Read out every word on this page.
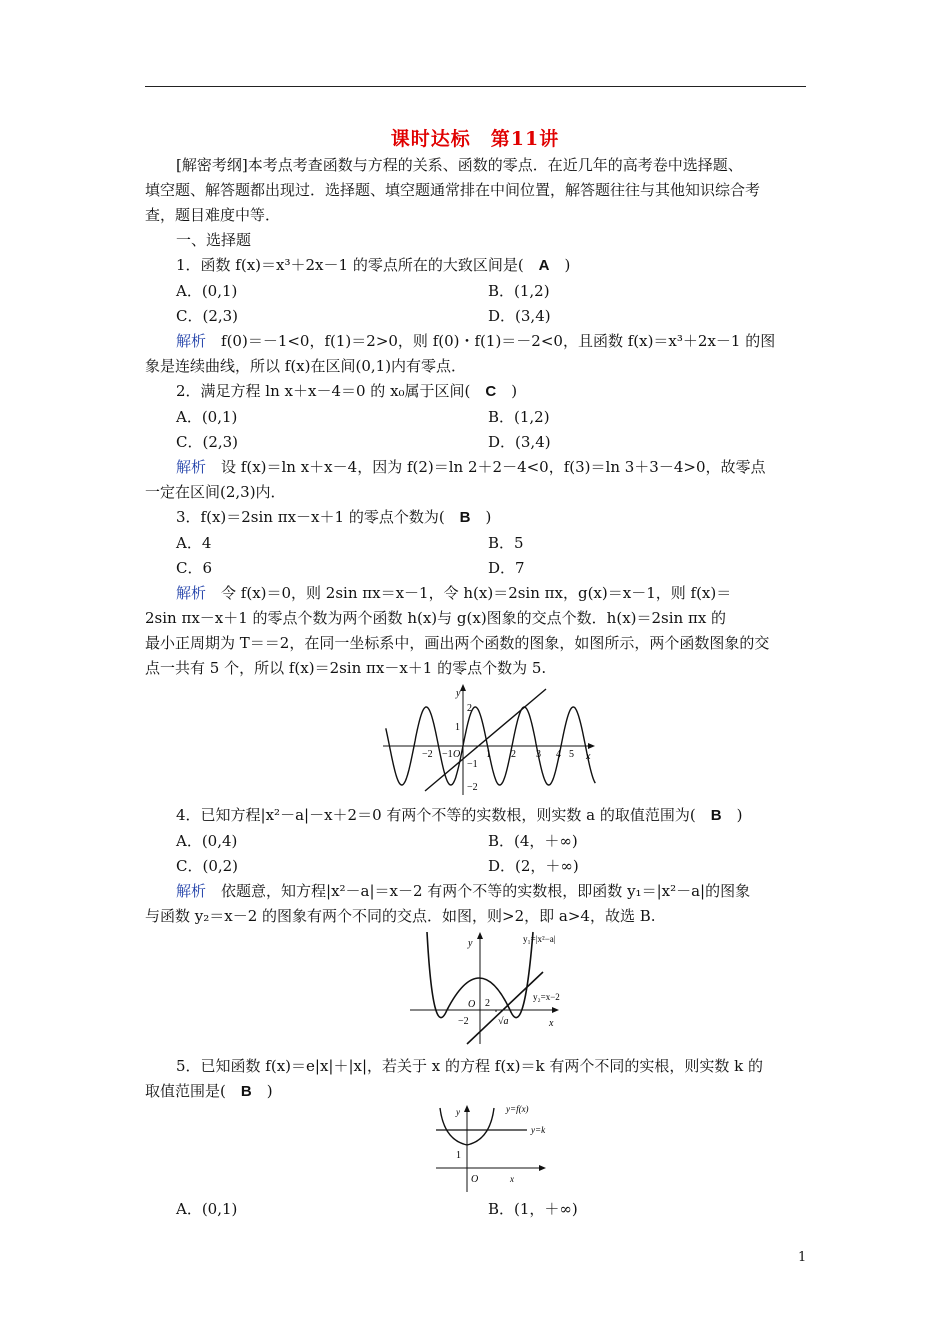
课时达标　第11讲
[解密考纲]本考点考查函数与方程的关系、函数的零点．在近几年的高考卷中选择题、
填空题、解答题都出现过．选择题、填空题通常排在中间位置，解答题往往与其他知识综合考
查，题目难度中等．
一、选择题
1．函数 f(x)＝x³＋2x－1 的零点所在的大致区间是(　A　)
A．(0,1)	B．(1,2)
C．(2,3)	D．(3,4)
解析　f(0)＝－1<0，f(1)＝2>0，则 f(0)・f(1)＝－2<0，且函数 f(x)＝x³＋2x－1 的图
象是连续曲线，所以 f(x)在区间(0,1)内有零点．
2．满足方程 ln x＋x－4＝0 的 x₀属于区间(　C　)
A．(0,1)	B．(1,2)
C．(2,3)	D．(3,4)
解析　设 f(x)＝ln x＋x－4，因为 f(2)＝ln 2＋2－4<0，f(3)＝ln 3＋3－4>0，故零点
一定在区间(2,3)内．
3．f(x)＝2sin πx－x＋1 的零点个数为(　B　)
A．4	B．5
C．6	D．7
解析　令 f(x)＝0，则 2sin πx＝x－1，令 h(x)＝2sin πx，g(x)＝x－1，则 f(x)＝
2sin πx－x＋1 的零点个数为两个函数 h(x)与 g(x)图象的交点个数．h(x)＝2sin πx 的
最小正周期为 T＝＝2，在同一坐标系中，画出两个函数的图象，如图所示，两个函数图象的交
点一共有 5 个，所以 f(x)＝2sin πx－x＋1 的零点个数为 5.
y
x
O
−2 −1	1 2 3 4 5
2
1
−1
−2
4．已知方程|x²－a|－x＋2＝0 有两个不等的实数根，则实数 a 的取值范围为(　B　)
A．(0,4)	B．(4，＋∞)
C．(0,2)	D．(2，＋∞)
解析　依题意，知方程|x²－a|＝x－2 有两个不等的实数根，即函数 y₁＝|x²－a|的图象
与函数 y₂＝x－2 的图象有两个不同的交点．如图，则>2，即 a>4，故选 B.
y
x
O 2
−2	√a
y₁=|x²−a|
y₂=x−2
5．已知函数 f(x)＝e|x|＋|x|，若关于 x 的方程 f(x)＝k 有两个不同的实根，则实数 k 的
取值范围是(　B　)
y	y=f(x)
y=k
1
O	x
A．(0,1)	B．(1，＋∞)
1
